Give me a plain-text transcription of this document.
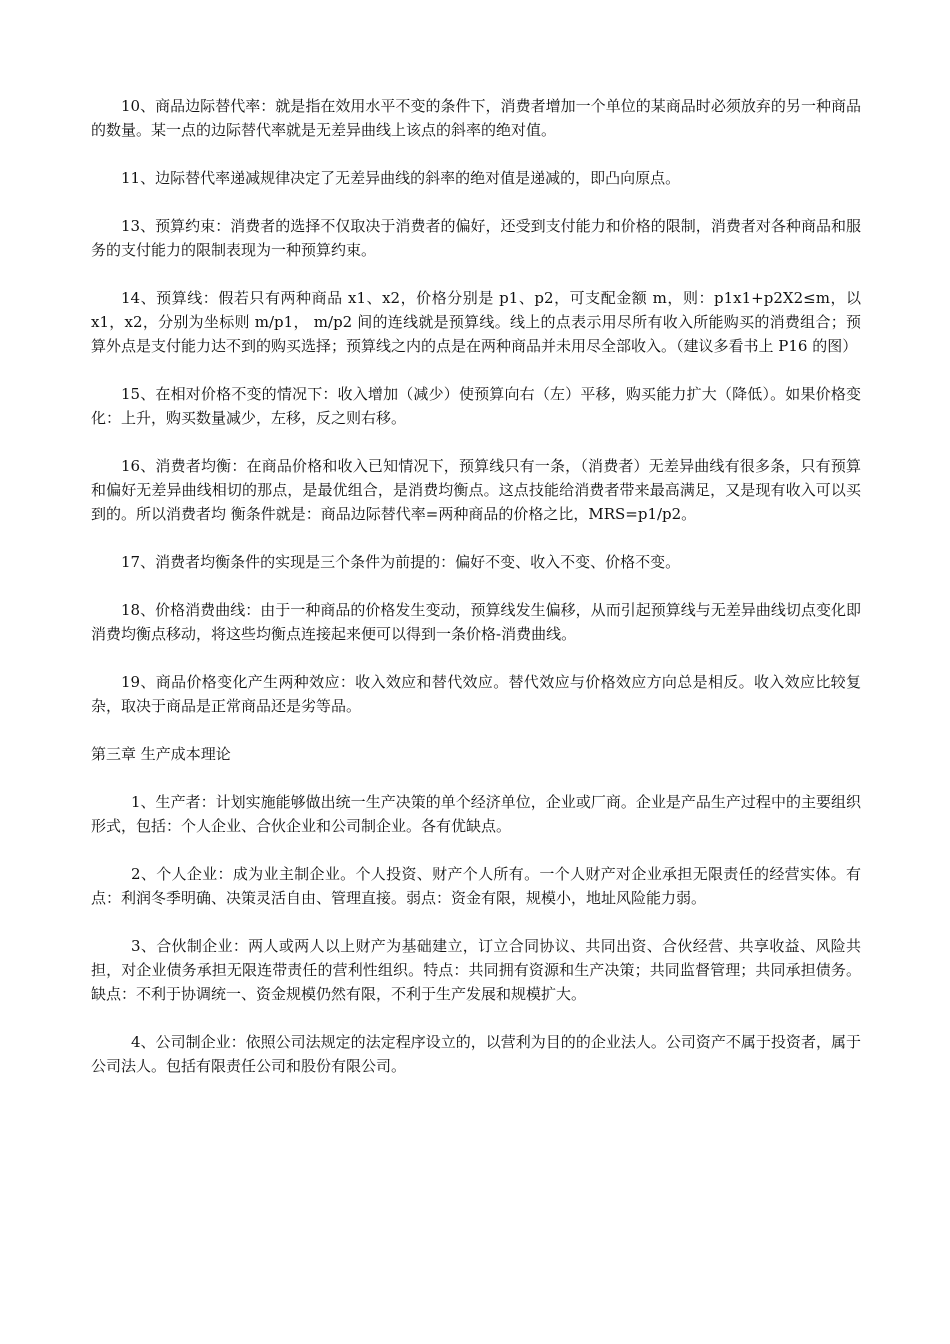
10、商品边际替代率：就是指在效用水平不变的条件下，消费者增加一个单位的某商品时必须放弃的另一种商品的数量。某一点的边际替代率就是无差异曲线上该点的斜率的绝对值。

11、边际替代率递减规律决定了无差异曲线的斜率的绝对值是递减的，即凸向原点。

13、预算约束：消费者的选择不仅取决于消费者的偏好，还受到支付能力和价格的限制，消费者对各种商品和服务的支付能力的限制表现为一种预算约束。

14、预算线：假若只有两种商品 x1、x2，价格分别是 p1、p2，可支配金额 m，则：p1x1+p2X2≤m，以 x1，x2，分别为坐标则 m/p1， m/p2 间的连线就是预算线。线上的点表示用尽所有收入所能购买的消费组合；预算外点是支付能力达不到的购买选择；预算线之内的点是在两种商品并未用尽全部收入。（建议多看书上 P16 的图）

15、在相对价格不变的情况下：收入增加（减少）使预算向右（左）平移，购买能力扩大（降低）。如果价格变化：上升，购买数量减少，左移，反之则右移。

16、消费者均衡：在商品价格和收入已知情况下，预算线只有一条，（消费者）无差异曲线有很多条，只有预算和偏好无差异曲线相切的那点，是最优组合，是消费均衡点。这点技能给消费者带来最高满足，又是现有收入可以买到的。所以消费者均 衡条件就是：商品边际替代率=两种商品的价格之比，MRS=p1/p2。

17、消费者均衡条件的实现是三个条件为前提的：偏好不变、收入不变、价格不变。

18、价格消费曲线：由于一种商品的价格发生变动，预算线发生偏移，从而引起预算线与无差异曲线切点变化即消费均衡点移动，将这些均衡点连接起来便可以得到一条价格-消费曲线。

19、商品价格变化产生两种效应：收入效应和替代效应。替代效应与价格效应方向总是相反。收入效应比较复杂，取决于商品是正常商品还是劣等品。

第三章 生产成本理论

1、生产者：计划实施能够做出统一生产决策的单个经济单位，企业或厂商。企业是产品生产过程中的主要组织形式，包括：个人企业、合伙企业和公司制企业。各有优缺点。

2、个人企业：成为业主制企业。个人投资、财产个人所有。一个人财产对企业承担无限责任的经营实体。有点：利润冬季明确、决策灵活自由、管理直接。弱点：资金有限，规模小，地址风险能力弱。

3、合伙制企业：两人或两人以上财产为基础建立，订立合同协议、共同出资、合伙经营、共享收益、风险共担，对企业债务承担无限连带责任的营利性组织。特点：共同拥有资源和生产决策；共同监督管理；共同承担债务。缺点：不利于协调统一、资金规模仍然有限，不利于生产发展和规模扩大。

4、公司制企业：依照公司法规定的法定程序设立的，以营利为目的的企业法人。公司资产不属于投资者，属于公司法人。包括有限责任公司和股份有限公司。
